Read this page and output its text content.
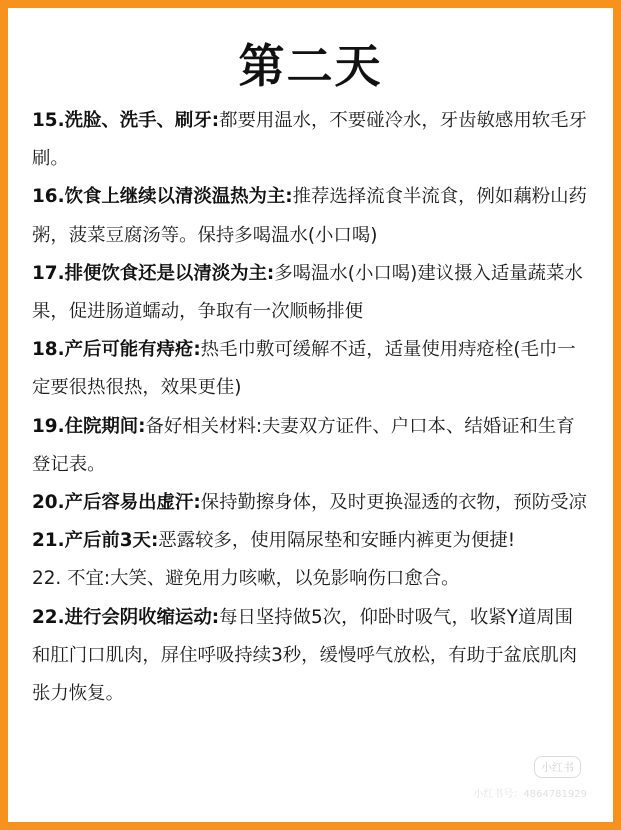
第二天
15.洗脸、洗手、刷牙:都要用温水，不要碰冷水，牙齿敏感用软毛牙刷。
16.饮食上继续以清淡温热为主:推荐选择流食半流食，例如藕粉山药粥，菠菜豆腐汤等。保持多喝温水(小口喝)
17.排便饮食还是以清淡为主:多喝温水(小口喝)建议摄入适量蔬菜水果，促进肠道蠕动，争取有一次顺畅排便
18.产后可能有痔疮:热毛巾敷可缓解不适，适量使用痔疮栓(毛巾一定要很热很热，效果更佳)
19.住院期间:备好相关材料:夫妻双方证件、户口本、结婚证和生育登记表。
20.产后容易出虚汗:保持勤擦身体，及时更换湿透的衣物，预防受凉
21.产后前3天:恶露较多，使用隔尿垫和安睡内裤更为便捷!
22. 不宜:大笑、避免用力咳嗽，以免影响伤口愈合。
22.进行会阴收缩运动:每日坚持做5次，仰卧时吸气，收紧Y道周围和肛门口肌肉，屏住呼吸持续3秒，缓慢呼气放松，有助于盆底肌肉张力恢复。
小红书
小红书号：4864781929
